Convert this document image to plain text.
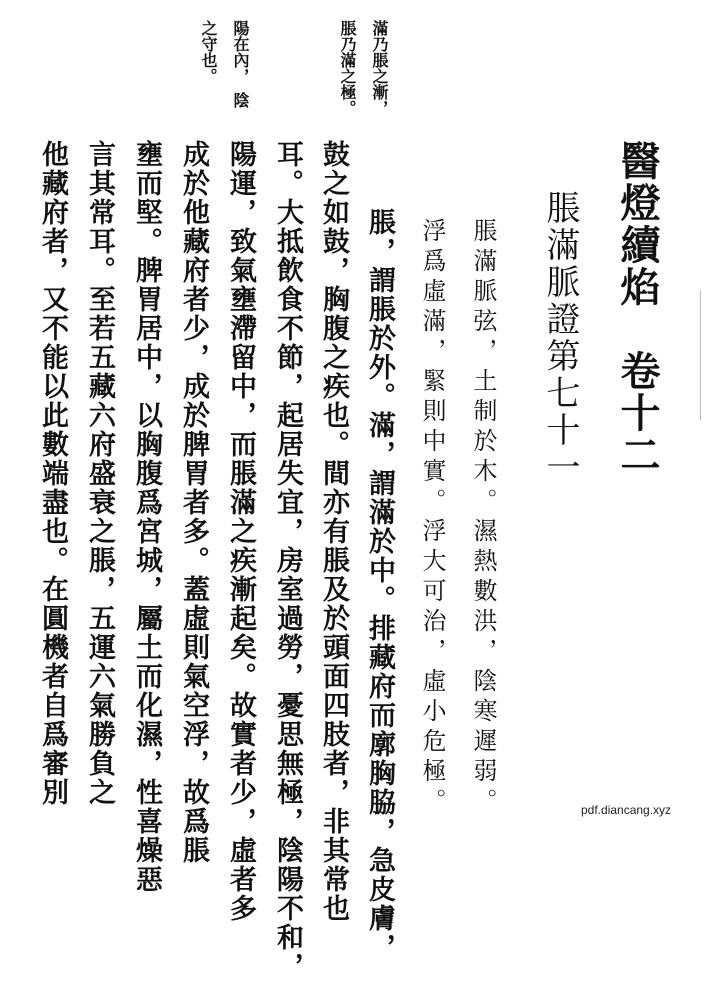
醫燈續焰　卷十二
脹滿脈證第七十一
脹滿脈弦，土制於木。濕熱數洪，陰寒遲弱。
浮爲虛滿，緊則中實。浮大可治，虛小危極。
脹，謂脹於外。滿，謂滿於中。排藏府而廓胸脇，急皮膚，
鼓之如鼓，胸腹之疾也。間亦有脹及於頭面四肢者，非其常也
耳。大抵飲食不節，起居失宜，房室過勞，憂思無極，陰陽不和，
陽運，致氣壅滯留中，而脹滿之疾漸起矣。故實者少，虛者多
成於他藏府者少，成於脾胃者多。蓋虛則氣空浮，故爲脹
壅而堅。脾胃居中，以胸腹爲宮城，屬土而化濕，性喜燥惡
言其常耳。至若五藏六府盛衰之脹，五運六氣勝負之
他藏府者，又不能以此數端盡也。在圓機者自爲審別
滿乃脹之漸，
脹乃滿之極。
陽在內，　陰
之守也。
pdf.diancang.xyz
